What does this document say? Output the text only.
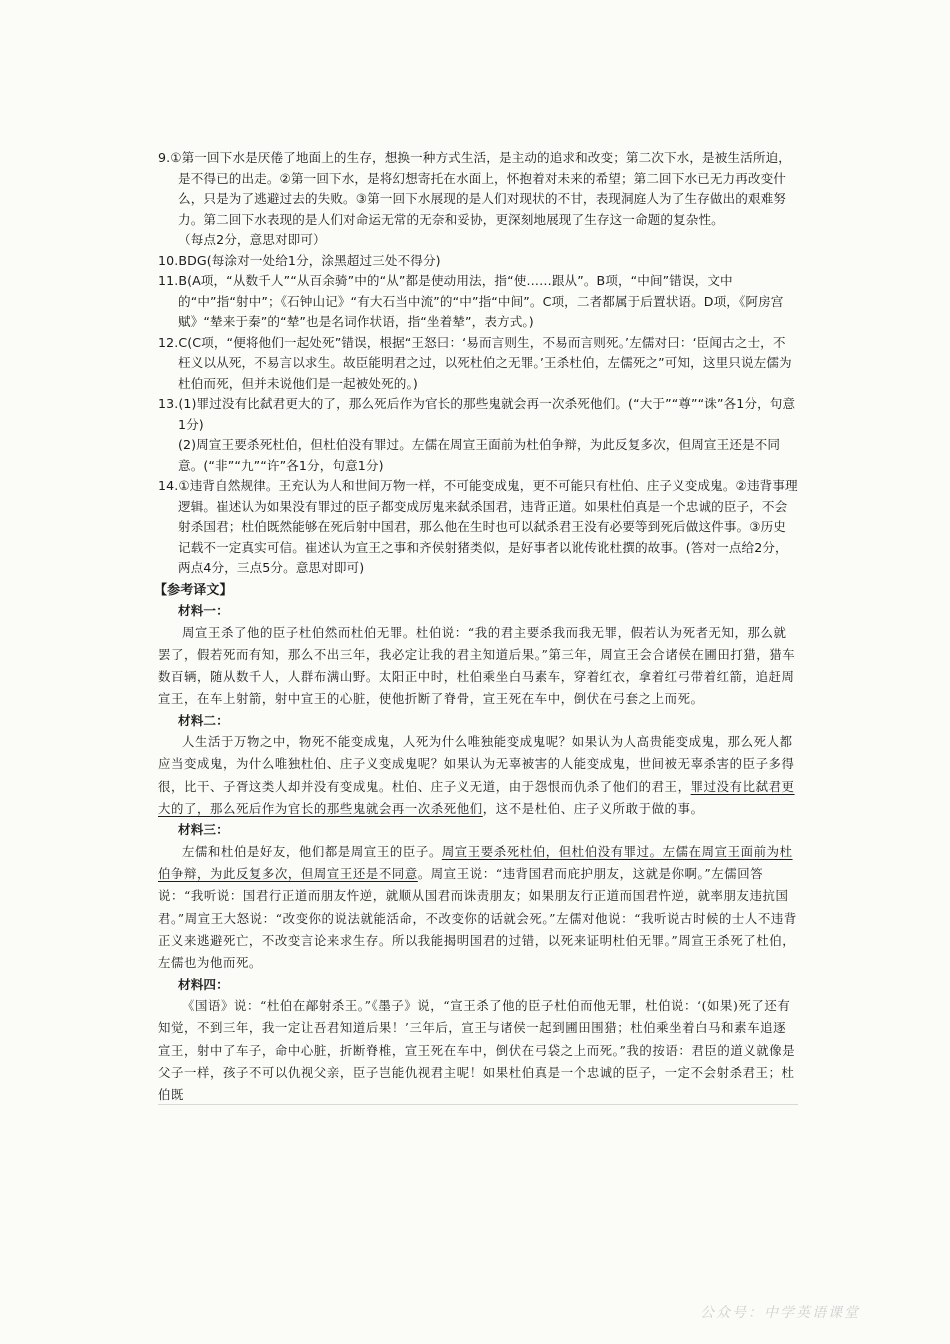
9.①第一回下水是厌倦了地面上的生存，想换一种方式生活，是主动的追求和改变；第二次下水，是被生活所迫，是不得已的出走。②第一回下水，是将幻想寄托在水面上，怀抱着对未来的希望；第二回下水已无力再改变什么，只是为了逃避过去的失败。③第一回下水展现的是人们对现状的不甘，表现洞庭人为了生存做出的艰难努力。第二回下水表现的是人们对命运无常的无奈和妥协，更深刻地展现了生存这一命题的复杂性。
（每点2分，意思对即可）

10.BDG(每涂对一处给1分，涂黑超过三处不得分)

11.B(A项，“从数千人”“从百余骑”中的“从”都是使动用法，指“使……跟从”。B项，“中间”错误，文中的“中”指“射中”；《石钟山记》“有大石当中流”的“中”指“中间”。C项，二者都属于后置状语。D项，《阿房宫赋》“辇来于秦”的“辇”也是名词作状语，指“坐着辇”，表方式。)

12.C(C项，“便将他们一起处死”错误，根据“王怒曰：‘易而言则生，不易而言则死。’左儒对曰：‘臣闻古之士，不枉义以从死，不易言以求生。故臣能明君之过，以死杜伯之无罪。’王杀杜伯，左儒死之”可知，这里只说左儒为杜伯而死，但并未说他们是一起被处死的。)

13.(1)罪过没有比弑君更大的了，那么死后作为官长的那些鬼就会再一次杀死他们。(“大于”“尊”“诛”各1分，句意1分)
(2)周宣王要杀死杜伯，但杜伯没有罪过。左儒在周宣王面前为杜伯争辩，为此反复多次，但周宣王还是不同意。(“非”“九”“许”各1分，句意1分)

14.①违背自然规律。王充认为人和世间万物一样，不可能变成鬼，更不可能只有杜伯、庄子义变成鬼。②违背事理逻辑。崔述认为如果没有罪过的臣子都变成厉鬼来弑杀国君，违背正道。如果杜伯真是一个忠诚的臣子，不会射杀国君；杜伯既然能够在死后射中国君，那么他在生时也可以弑杀君王没有必要等到死后做这件事。③历史记载不一定真实可信。崔述认为宣王之事和齐侯射猪类似，是好事者以讹传讹杜撰的故事。(答对一点给2分，两点4分，三点5分。意思对即可)

【参考译文】

材料一：

周宣王杀了他的臣子杜伯然而杜伯无罪。杜伯说：“我的君主要杀我而我无罪，假若认为死者无知，那么就罢了，假若死而有知，那么不出三年，我必定让我的君主知道后果。”第三年，周宣王会合诸侯在圃田打猎，猎车数百辆，随从数千人，人群布满山野。太阳正中时，杜伯乘坐白马素车，穿着红衣，拿着红弓带着红箭，追赶周宣王，在车上射箭，射中宣王的心脏，使他折断了脊骨，宣王死在车中，倒伏在弓套之上而死。

材料二：

人生活于万物之中，物死不能变成鬼，人死为什么唯独能变成鬼呢？如果认为人高贵能变成鬼，那么死人都应当变成鬼，为什么唯独杜伯、庄子义变成鬼呢？如果认为无辜被害的人能变成鬼，世间被无辜杀害的臣子多得很，比干、子胥这类人却并没有变成鬼。杜伯、庄子义无道，由于怨恨而仇杀了他们的君王，罪过没有比弑君更大的了，那么死后作为官长的那些鬼就会再一次杀死他们，这不是杜伯、庄子义所敢于做的事。

材料三：

左儒和杜伯是好友，他们都是周宣王的臣子。周宣王要杀死杜伯，但杜伯没有罪过。左儒在周宣王面前为杜伯争辩，为此反复多次，但周宣王还是不同意。周宣王说：“违背国君而庇护朋友，这就是你啊。”左儒回答说：“我听说：国君行正道而朋友忤逆，就顺从国君而诛责朋友；如果朋友行正道而国君忤逆，就率朋友违抗国君。”周宣王大怒说：“改变你的说法就能活命，不改变你的话就会死。”左儒对他说：“我听说古时候的士人不违背正义来逃避死亡，不改变言论来求生存。所以我能揭明国君的过错，以死来证明杜伯无罪。”周宣王杀死了杜伯，左儒也为他而死。

材料四：

《国语》说：“杜伯在鄗射杀王。”《墨子》说，“宣王杀了他的臣子杜伯而他无罪，杜伯说：‘(如果)死了还有知觉，不到三年，我一定让吾君知道后果！’三年后，宣王与诸侯一起到圃田围猎；杜伯乘坐着白马和素车追逐宣王，射中了车子，命中心脏，折断脊椎，宣王死在车中，倒伏在弓袋之上而死。”我的按语：君臣的道义就像是父子一样，孩子不可以仇视父亲，臣子岂能仇视君主呢！如果杜伯真是一个忠诚的臣子，一定不会射杀君王；杜伯既

公众号：中学英语课堂
